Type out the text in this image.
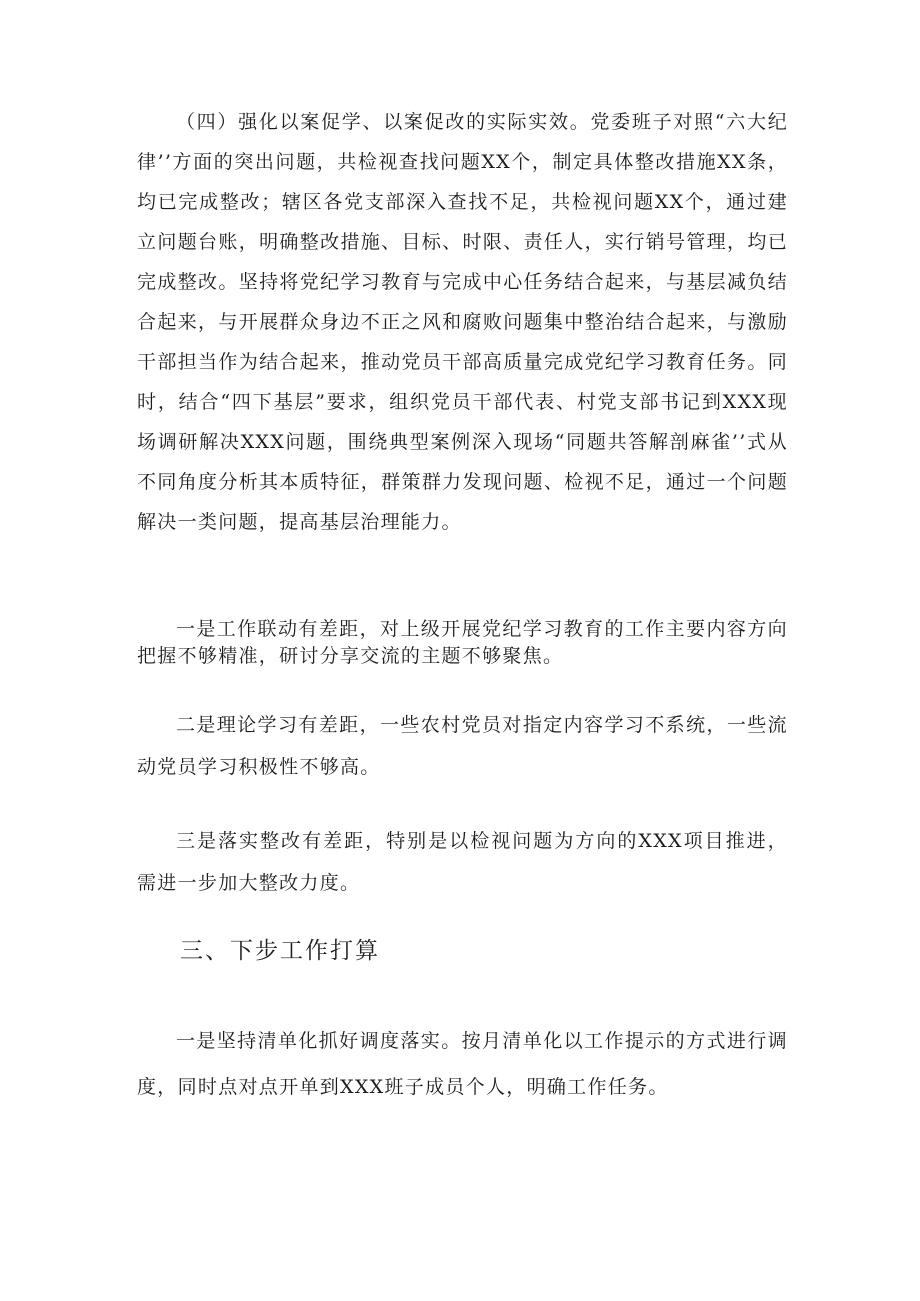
（四）强化以案促学、以案促改的实际实效。党委班子对照“六大纪律’’方面的突出问题，共检视查找问题XX个，制定具体整改措施XX条，均已完成整改；辖区各党支部深入查找不足，共检视问题XX个，通过建立问题台账，明确整改措施、目标、时限、责任人，实行销号管理，均已完成整改。坚持将党纪学习教育与完成中心任务结合起来，与基层减负结合起来，与开展群众身边不正之风和腐败问题集中整治结合起来，与激励干部担当作为结合起来，推动党员干部高质量完成党纪学习教育任务。同时，结合“四下基层”要求，组织党员干部代表、村党支部书记到XXX现场调研解决XXX问题，围绕典型案例深入现场“同题共答解剖麻雀’’式从不同角度分析其本质特征，群策群力发现问题、检视不足，通过一个问题解决一类问题，提高基层治理能力。

一是工作联动有差距，对上级开展党纪学习教育的工作主要内容方向把握不够精准，研讨分享交流的主题不够聚焦。

二是理论学习有差距，一些农村党员对指定内容学习不系统，一些流动党员学习积极性不够高。

三是落实整改有差距，特别是以检视问题为方向的XXX项目推进，需进一步加大整改力度。

三、下步工作打算

一是坚持清单化抓好调度落实。按月清单化以工作提示的方式进行调度，同时点对点开单到XXX班子成员个人，明确工作任务。
